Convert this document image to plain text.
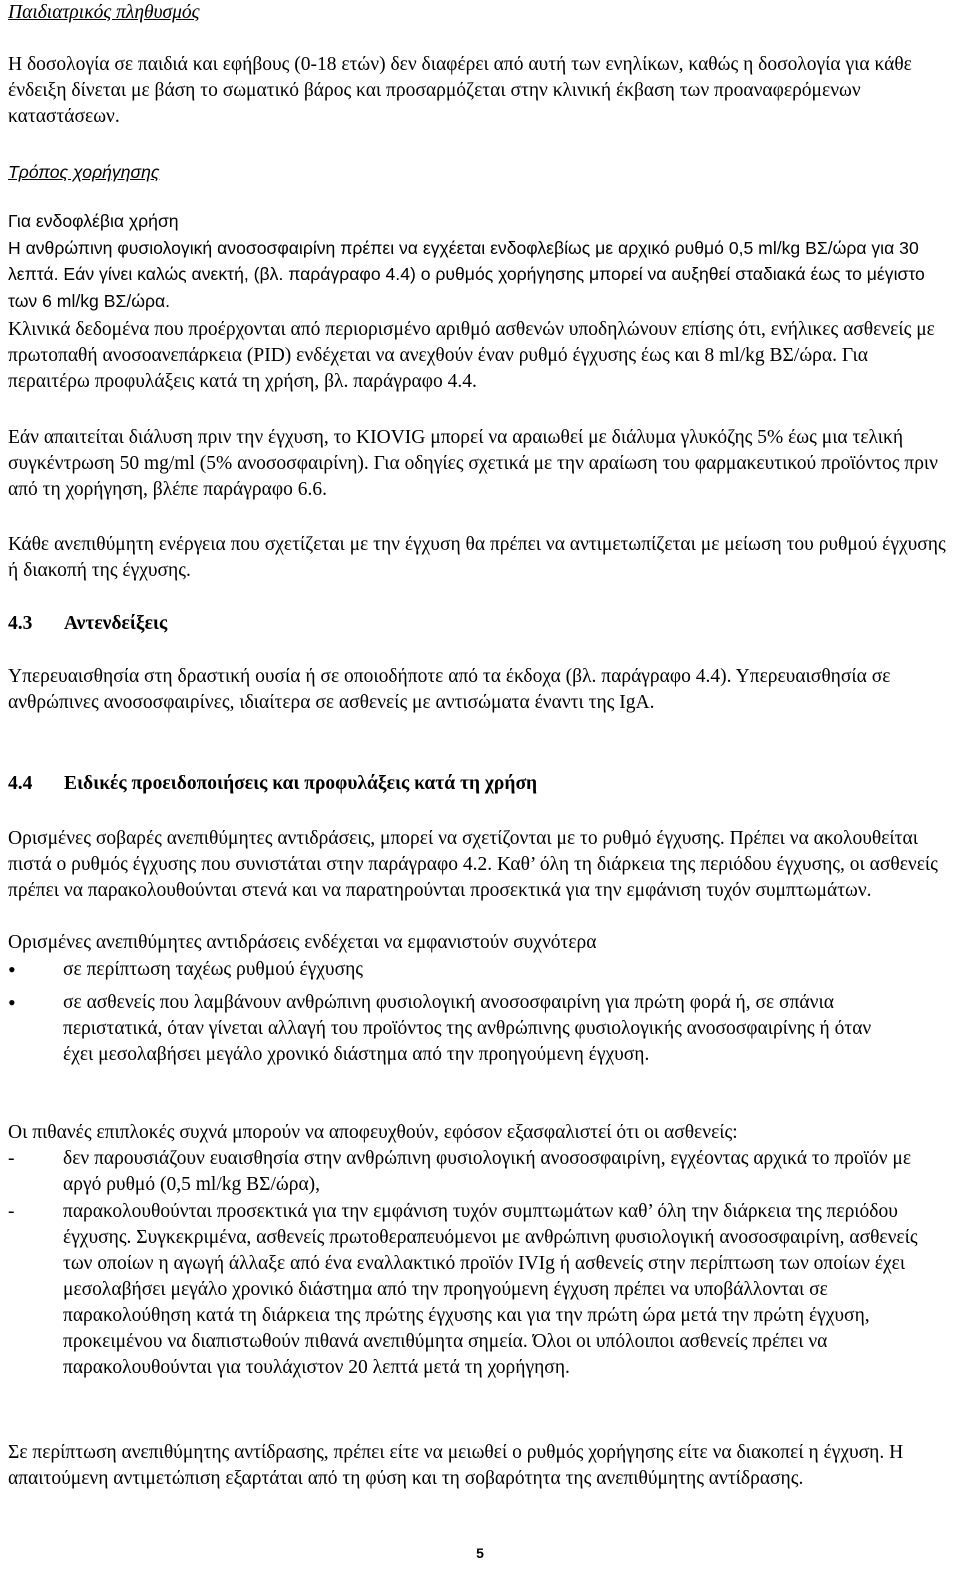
Παιδιατρικός πληθυσμός

Η δοσολογία σε παιδιά και εφήβους (0-18 ετών) δεν διαφέρει από αυτή των ενηλίκων, καθώς η δοσολογία για κάθε ένδειξη δίνεται με βάση το σωματικό βάρος και προσαρμόζεται στην κλινική έκβαση των προαναφερόμενων καταστάσεων.

Τρόπος χορήγησης

Για ενδοφλέβια χρήση
Η ανθρώπινη φυσιολογική ανοσοσφαιρίνη πρέπει να εγχέεται ενδοφλεβίως με αρχικό ρυθμό 0,5 ml/kg ΒΣ/ώρα για 30 λεπτά. Εάν γίνει καλώς ανεκτή, (βλ. παράγραφο 4.4) ο ρυθμός χορήγησης μπορεί να αυξηθεί σταδιακά έως το μέγιστο των 6 ml/kg ΒΣ/ώρα.

Κλινικά δεδομένα που προέρχονται από περιορισμένο αριθμό ασθενών υποδηλώνουν επίσης ότι, ενήλικες ασθενείς με πρωτοπαθή ανοσοανεπάρκεια (PID) ενδέχεται να ανεχθούν έναν ρυθμό έγχυσης έως και 8 ml/kg ΒΣ/ώρα. Για περαιτέρω προφυλάξεις κατά τη χρήση, βλ. παράγραφο 4.4.

Εάν απαιτείται διάλυση πριν την έγχυση, το KIOVIG μπορεί να αραιωθεί με διάλυμα γλυκόζης 5% έως μια τελική συγκέντρωση 50 mg/ml (5% ανοσοσφαιρίνη). Για οδηγίες σχετικά με την αραίωση του φαρμακευτικού προϊόντος πριν από τη χορήγηση, βλέπε παράγραφο 6.6.

Κάθε ανεπιθύμητη ενέργεια που σχετίζεται με την έγχυση θα πρέπει να αντιμετωπίζεται με μείωση του ρυθμού έγχυσης ή διακοπή της έγχυσης.

4.3 Αντενδείξεις

Υπερευαισθησία στη δραστική ουσία ή σε οποιοδήποτε από τα έκδοχα (βλ. παράγραφο 4.4). Υπερευαισθησία σε ανθρώπινες ανοσοσφαιρίνες, ιδιαίτερα σε ασθενείς με αντισώματα έναντι της IgA.

4.4 Ειδικές προειδοποιήσεις και προφυλάξεις κατά τη χρήση

Ορισμένες σοβαρές ανεπιθύμητες αντιδράσεις, μπορεί να σχετίζονται με το ρυθμό έγχυσης. Πρέπει να ακολουθείται πιστά ο ρυθμός έγχυσης που συνιστάται στην παράγραφο 4.2. Καθ’ όλη τη διάρκεια της περιόδου έγχυσης, οι ασθενείς πρέπει να παρακολουθούνται στενά και να παρατηρούνται προσεκτικά για την εμφάνιση τυχόν συμπτωμάτων.

Ορισμένες ανεπιθύμητες αντιδράσεις ενδέχεται να εμφανιστούν συχνότερα

• σε περίπτωση ταχέως ρυθμού έγχυσης
• σε ασθενείς που λαμβάνουν ανθρώπινη φυσιολογική ανοσοσφαιρίνη για πρώτη φορά ή, σε σπάνια περιστατικά, όταν γίνεται αλλαγή του προϊόντος της ανθρώπινης φυσιολογικής ανοσοσφαιρίνης ή όταν έχει μεσολαβήσει μεγάλο χρονικό διάστημα από την προηγούμενη έγχυση.

Οι πιθανές επιπλοκές συχνά μπορούν να αποφευχθούν, εφόσον εξασφαλιστεί ότι οι ασθενείς:

- δεν παρουσιάζουν ευαισθησία στην ανθρώπινη φυσιολογική ανοσοσφαιρίνη, εγχέοντας αρχικά το προϊόν με αργό ρυθμό (0,5 ml/kg ΒΣ/ώρα),
- παρακολουθούνται προσεκτικά για την εμφάνιση τυχόν συμπτωμάτων καθ’ όλη την διάρκεια της περιόδου έγχυσης. Συγκεκριμένα, ασθενείς πρωτοθεραπευόμενοι με ανθρώπινη φυσιολογική ανοσοσφαιρίνη, ασθενείς των οποίων η αγωγή άλλαξε από ένα εναλλακτικό προϊόν IVIg ή ασθενείς στην περίπτωση των οποίων έχει μεσολαβήσει μεγάλο χρονικό διάστημα από την προηγούμενη έγχυση πρέπει να υποβάλλονται σε παρακολούθηση κατά τη διάρκεια της πρώτης έγχυσης και για την πρώτη ώρα μετά την πρώτη έγχυση, προκειμένου να διαπιστωθούν πιθανά ανεπιθύμητα σημεία. Όλοι οι υπόλοιποι ασθενείς πρέπει να παρακολουθούνται για τουλάχιστον 20 λεπτά μετά τη χορήγηση.

Σε περίπτωση ανεπιθύμητης αντίδρασης, πρέπει είτε να μειωθεί ο ρυθμός χορήγησης είτε να διακοπεί η έγχυση. Η απαιτούμενη αντιμετώπιση εξαρτάται από τη φύση και τη σοβαρότητα της ανεπιθύμητης αντίδρασης.

5
